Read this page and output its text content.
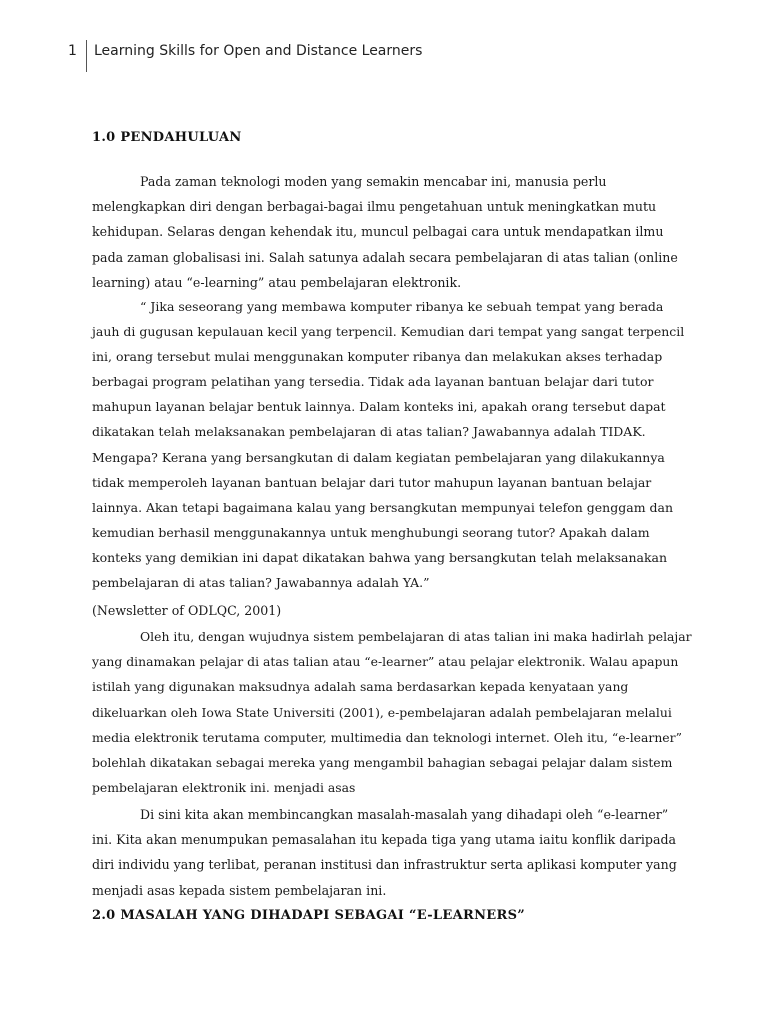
1 Learning Skills for Open and Distance Learners
1.0 PENDAHULUAN

Pada zaman teknologi moden yang semakin mencabar ini, manusia perlu melengkapkan diri dengan berbagai-bagai ilmu pengetahuan untuk meningkatkan mutu kehidupan. Selaras dengan kehendak itu, muncul pelbagai cara untuk mendapatkan ilmu pada zaman globalisasi ini. Salah satunya adalah secara pembelajaran di atas talian (online learning) atau “e-learning” atau pembelajaran elektronik.

“ Jika seseorang yang membawa komputer ribanya ke sebuah tempat yang berada jauh di gugusan kepulauan kecil yang terpencil. Kemudian dari tempat yang sangat terpencil ini, orang tersebut mulai menggunakan komputer ribanya dan melakukan akses terhadap berbagai program pelatihan yang tersedia. Tidak ada layanan bantuan belajar dari tutor mahupun layanan belajar bentuk lainnya. Dalam konteks ini, apakah orang tersebut dapat dikatakan telah melaksanakan pembelajaran di atas talian? Jawabannya adalah TIDAK. Mengapa? Kerana yang bersangkutan di dalam kegiatan pembelajaran yang dilakukannya tidak memperoleh layanan bantuan belajar dari tutor mahupun layanan bantuan belajar lainnya. Akan tetapi bagaimana kalau yang bersangkutan mempunyai telefon genggam dan kemudian berhasil menggunakannya untuk menghubungi seorang tutor? Apakah dalam konteks yang demikian ini dapat dikatakan bahwa yang bersangkutan telah melaksanakan pembelajaran di atas talian? Jawabannya adalah YA.”

(Newsletter of ODLQC, 2001)

Oleh itu, dengan wujudnya sistem pembelajaran di atas talian ini maka hadirlah pelajar yang dinamakan pelajar di atas talian atau “e-learner” atau pelajar elektronik. Walau apapun istilah yang digunakan maksudnya adalah sama berdasarkan kepada kenyataan yang dikeluarkan oleh Iowa State Universiti (2001), e-pembelajaran adalah pembelajaran melalui media elektronik terutama computer, multimedia dan teknologi internet. Oleh itu, “e-learner” bolehlah dikatakan sebagai mereka yang mengambil bahagian sebagai pelajar dalam sistem pembelajaran elektronik ini. menjadi asas

Di sini kita akan membincangkan masalah-masalah yang dihadapi oleh “e-learner” ini. Kita akan menumpukan pemasalahan itu kepada tiga yang utama iaitu konflik daripada diri individu yang terlibat, peranan institusi dan infrastruktur serta aplikasi komputer yang menjadi asas kepada sistem pembelajaran ini.

2.0 MASALAH YANG DIHADAPI SEBAGAI “E-LEARNERS”
